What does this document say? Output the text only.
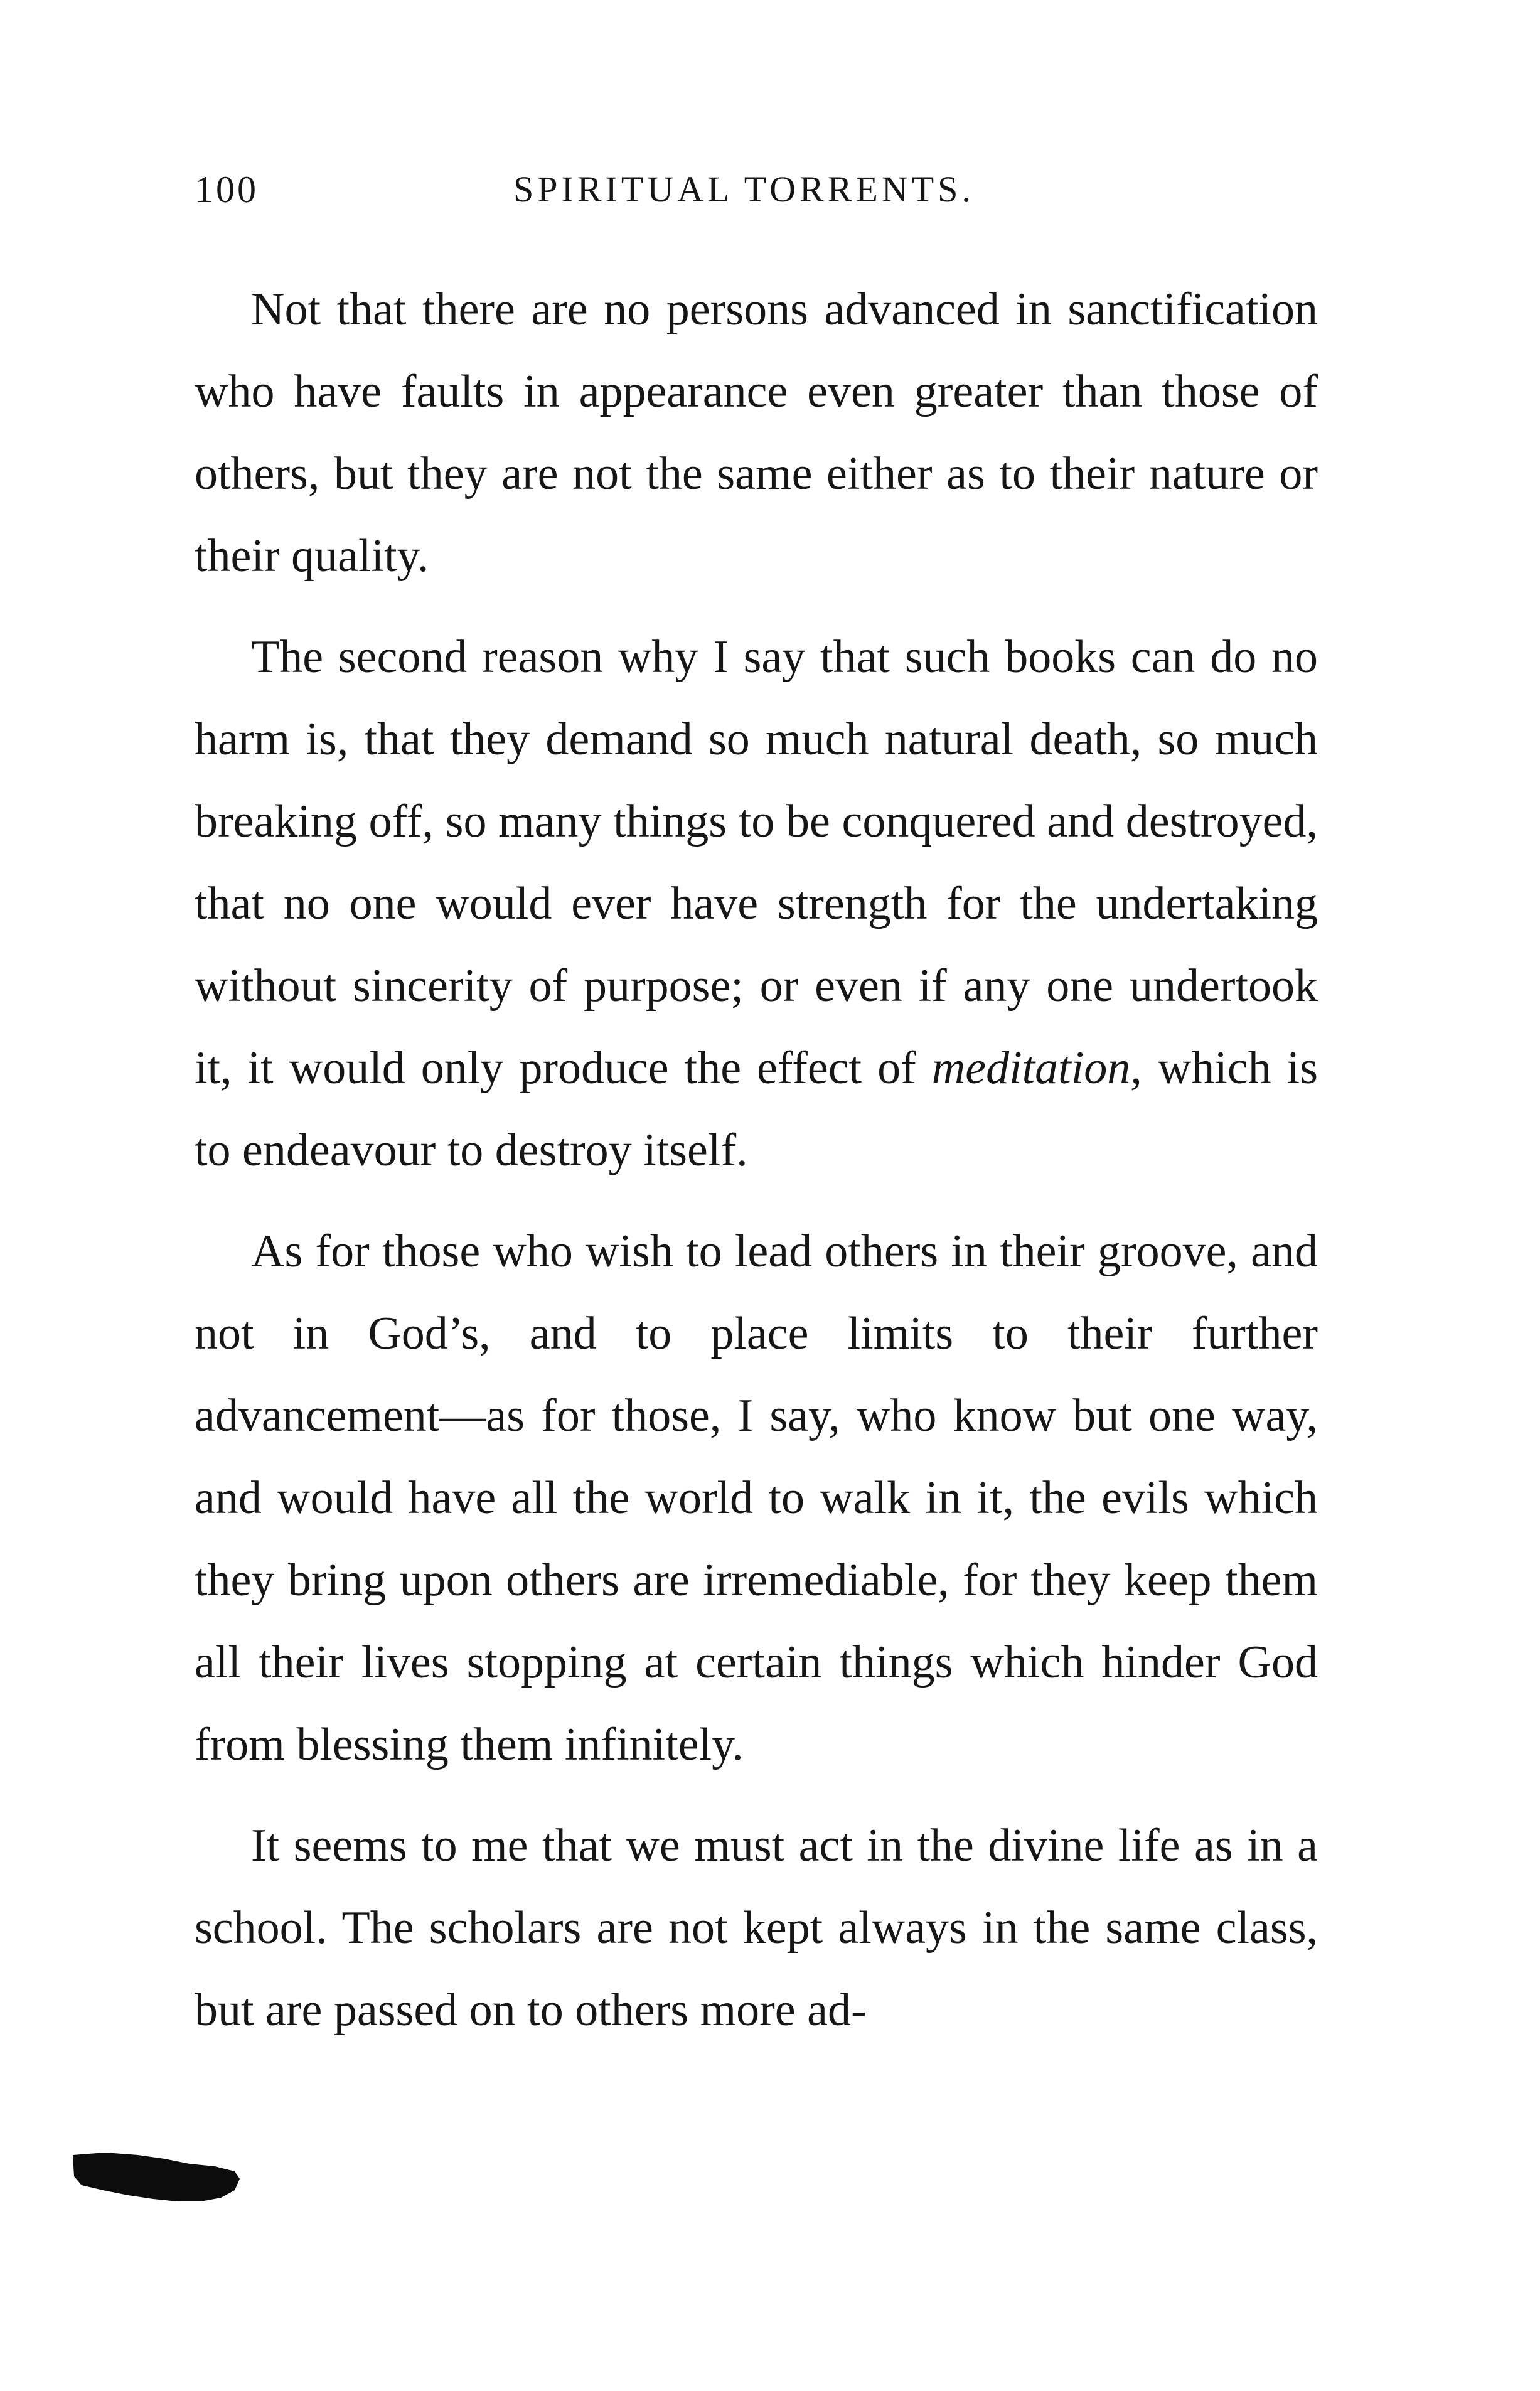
100	SPIRITUAL TORRENTS.

Not that there are no persons advanced in sanctification who have faults in appearance even greater than those of others, but they are not the same either as to their nature or their quality.

The second reason why I say that such books can do no harm is, that they demand so much natural death, so much breaking off, so many things to be conquered and destroyed, that no one would ever have strength for the undertaking without sincerity of purpose; or even if any one undertook it, it would only produce the effect of meditation, which is to endeavour to destroy itself.

As for those who wish to lead others in their groove, and not in God’s, and to place limits to their further advancement—as for those, I say, who know but one way, and would have all the world to walk in it, the evils which they bring upon others are irremediable, for they keep them all their lives stopping at certain things which hinder God from blessing them infinitely.

It seems to me that we must act in the divine life as in a school. The scholars are not kept always in the same class, but are passed on to others more ad-
